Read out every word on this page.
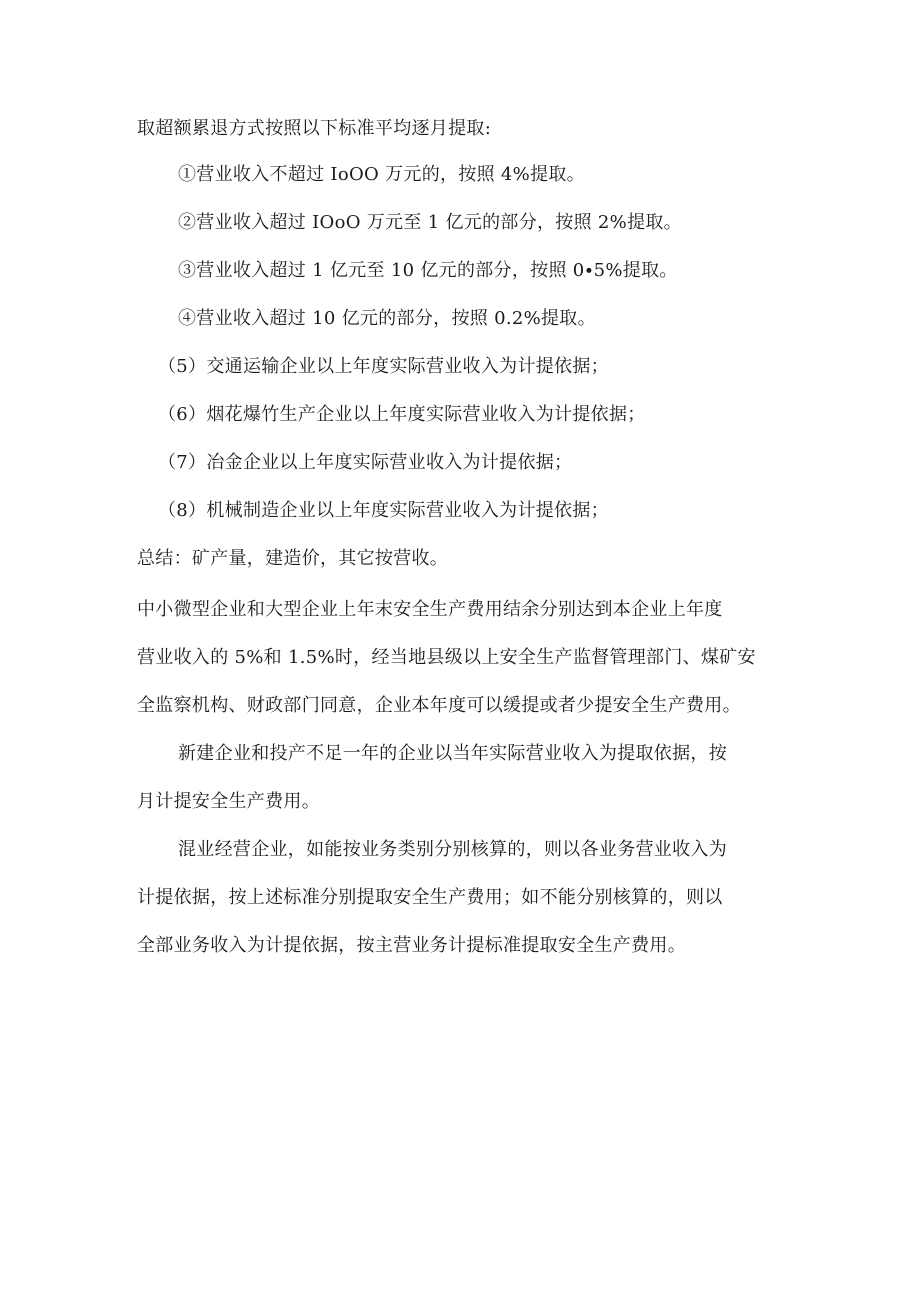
取超额累退方式按照以下标准平均逐月提取:
①营业收入不超过 IoOO 万元的，按照 4%提取。
②营业收入超过 IOoO 万元至 1 亿元的部分，按照 2%提取。
③营业收入超过 1 亿元至 10 亿元的部分，按照 0∙5%提取。
④营业收入超过 10 亿元的部分，按照 0.2%提取。
（5）交通运输企业以上年度实际营业收入为计提依据；
（6）烟花爆竹生产企业以上年度实际营业收入为计提依据；
（7）冶金企业以上年度实际营业收入为计提依据；
（8）机械制造企业以上年度实际营业收入为计提依据；
总结：矿产量，建造价，其它按营收。
中小微型企业和大型企业上年末安全生产费用结余分别达到本企业上年度
营业收入的 5%和 1.5%时，经当地县级以上安全生产监督管理部门、煤矿安
全监察机构、财政部门同意，企业本年度可以缓提或者少提安全生产费用。
新建企业和投产不足一年的企业以当年实际营业收入为提取依据，按
月计提安全生产费用。
混业经营企业，如能按业务类别分别核算的，则以各业务营业收入为
计提依据，按上述标准分别提取安全生产费用；如不能分别核算的，则以
全部业务收入为计提依据，按主营业务计提标准提取安全生产费用。
